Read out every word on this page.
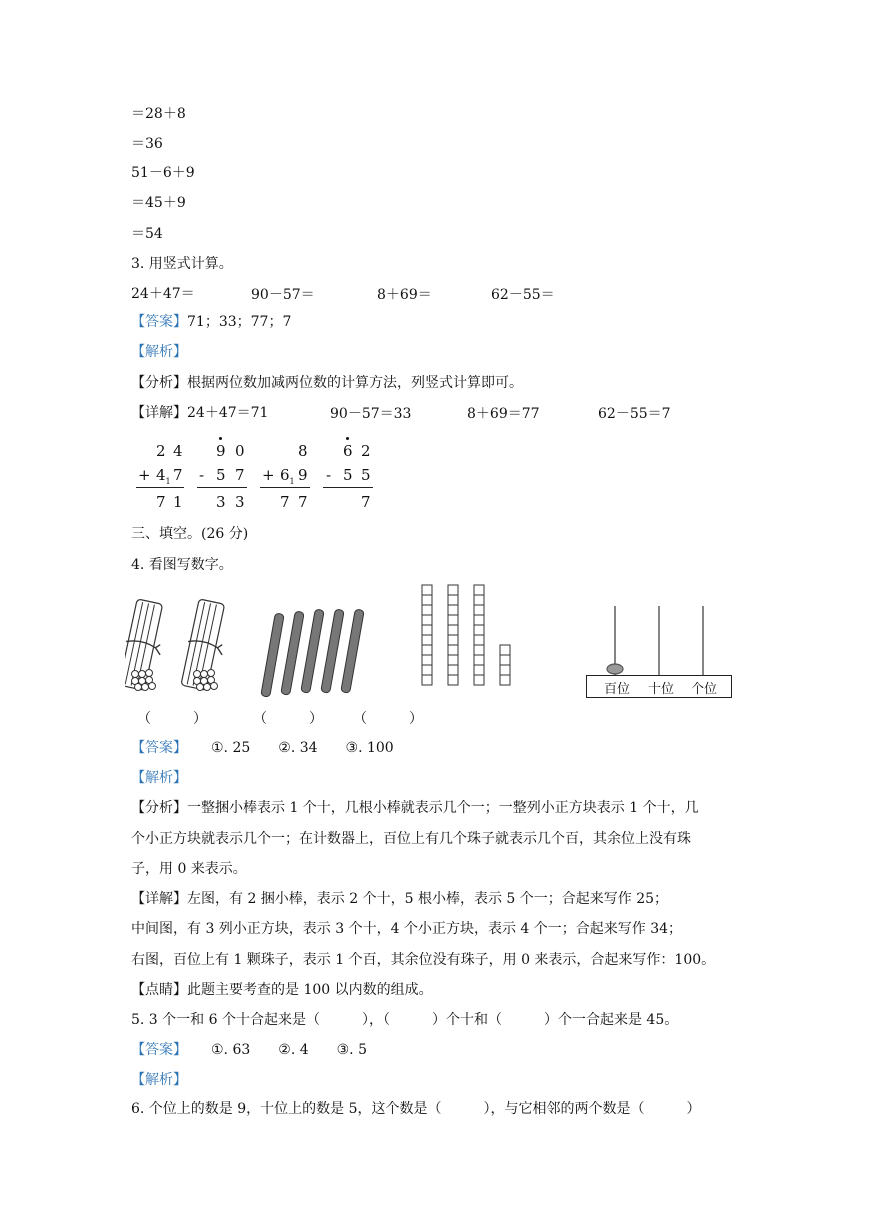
＝28＋8
＝36
51－6＋9
＝45＋9
＝54
3. 用竖式计算。
24＋47＝	90－57＝	8＋69＝	62－55＝
【答案】71；33；77；7
【解析】
【分析】根据两位数加减两位数的计算方法，列竖式计算即可。
【详解】24＋47＝71	90－57＝33	8＋69＝77	62－55＝7
2 4
+ $4_1$ 7
7 1
9 0
- 5 7
3 3
8
+ $6_1$ 9
7 7
6 2
- 5 5
7
三、填空。(26 分)
4. 看图写数字。
百位 十位 个位
（　　　）	（　　　） （　　　）
【答案】 ①. 25　　②. 34　　③. 100
【解析】
【分析】一整捆小棒表示 1 个十，几根小棒就表示几个一；一整列小正方块表示 1 个十，几
个小正方块就表示几个一；在计数器上，百位上有几个珠子就表示几个百，其余位上没有珠
子，用 0 来表示。
【详解】左图，有 2 捆小棒，表示 2 个十，5 根小棒，表示 5 个一；合起来写作 25；
中间图，有 3 列小正方块，表示 3 个十，4 个小正方块，表示 4 个一；合起来写作 34；
右图，百位上有 1 颗珠子，表示 1 个百，其余位没有珠子，用 0 来表示，合起来写作：100。
【点睛】此题主要考查的是 100 以内数的组成。
5. 3 个一和 6 个十合起来是（　　　），（　　　）个十和（　　　）个一合起来是 45。
【答案】 ①. 63　　②. 4　　③. 5
【解析】
6. 个位上的数是 9，十位上的数是 5，这个数是（　　　），与它相邻的两个数是（　　　）
